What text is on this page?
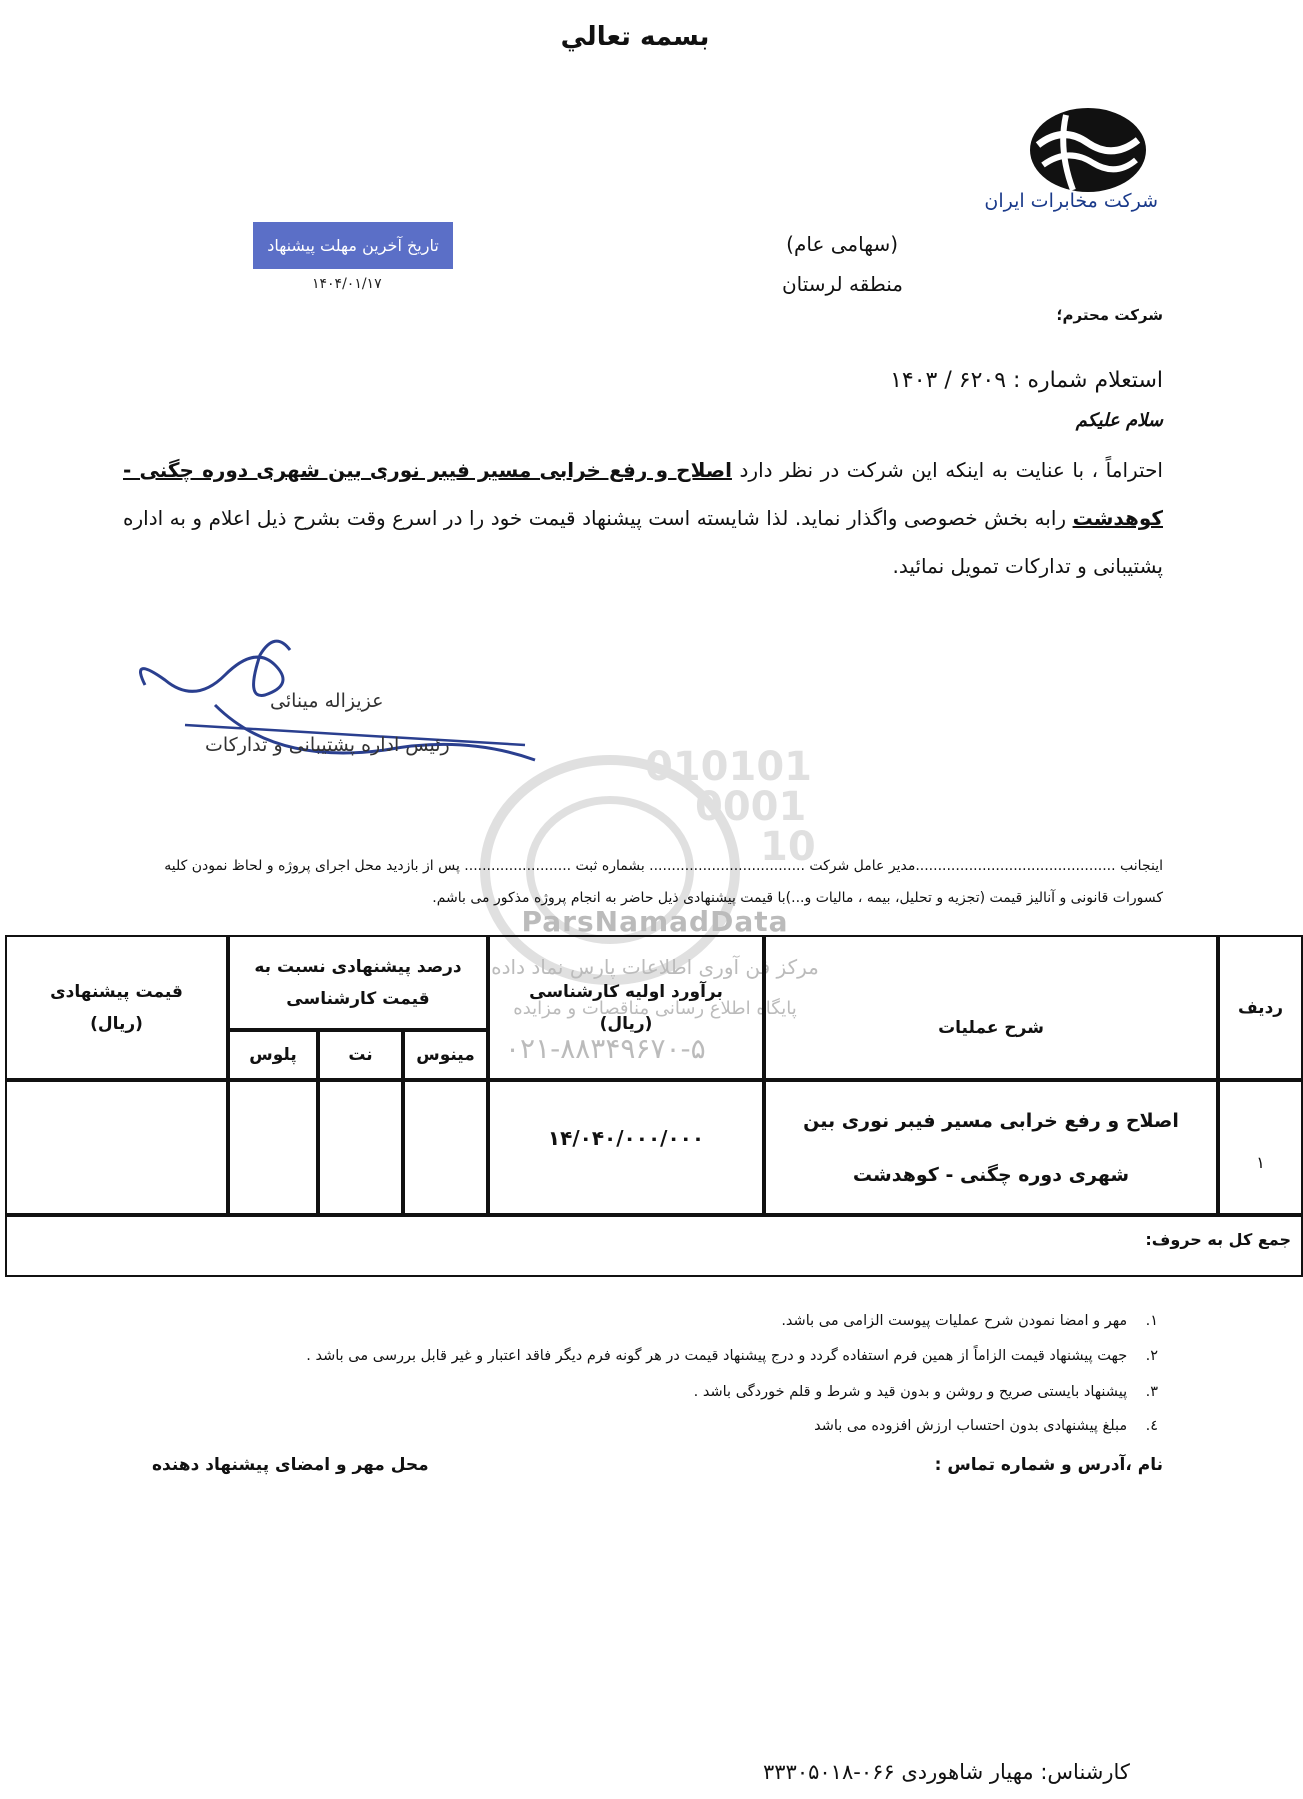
بسمه تعالي
شرکت مخابرات ایران
(سهامی عام)
منطقه لرستان
شرکت محترم؛
تاریخ آخرین مهلت پیشنهاد
۱۴۰۴/۰۱/۱۷
استعلام شماره : ۶۲۰۹ / ۱۴۰۳
سلام علیکم
احتراماً ، با عنایت به اینکه این شرکت در نظر دارد اصلاح و رفع خرابی مسیر فیبر نوری بین شهری دوره چگنی - کوهدشت رابه بخش خصوصی واگذار نماید. لذا شایسته است پیشنهاد قیمت خود را در اسرع وقت بشرح ذیل اعلام و به اداره پشتیبانی و تدارکات تمویل نمائید.
عزیزاله مینائی
رئیس اداره پشتیبانی و تدارکات	010101
0001
10
ParsNamadData
مرکز فن آوری اطلاعات پارس نماد داده
پایگاه اطلاع رسانی مناقصات و مزایده
۰۲۱-۸۸۳۴۹۶۷۰-۵
اینجانب .............................................مدیر عامل شرکت ................................... بشماره ثبت ........................ پس از بازدید محل اجرای پروژه و لحاظ نمودن کلیه
کسورات قانونی و آنالیز قیمت (تجزیه و تحلیل، بیمه ، مالیات و...)با قیمت پیشنهادی ذیل حاضر به انجام پروژه مذکور می باشم.
ردیف
شرح عملیات
برآورد اولیه کارشناسی (ریال)
درصد پیشنهادی نسبت به قیمت کارشناسی
مینوس
نت
پلوس
قیمت پیشنهادی (ریال)
۱
اصلاح و رفع خرابی مسیر فیبر نوری بین شهری دوره چگنی - کوهدشت
۱۴/۰۴۰/۰۰۰/۰۰۰
جمع کل به حروف:
۱.    مهر و امضا نمودن شرح عملیات پیوست الزامی می باشد.
۲.    جهت پیشنهاد قیمت الزاماً از همین فرم استفاده گردد و درج پیشنهاد قیمت در هر گونه فرم دیگر فاقد اعتبار و غیر قابل بررسی می باشد .
۳.    پیشنهاد بایستی صریح و روشن و بدون قید و شرط و قلم خوردگی باشد .
٤.    مبلغ پیشنهادی بدون احتساب ارزش افزوده می باشد
نام ،آدرس و شماره تماس :
محل مهر و امضای پیشنهاد دهنده
کارشناس: مهیار شاهوردی ۰۶۶-۳۳۳۰۵۰۱۸
